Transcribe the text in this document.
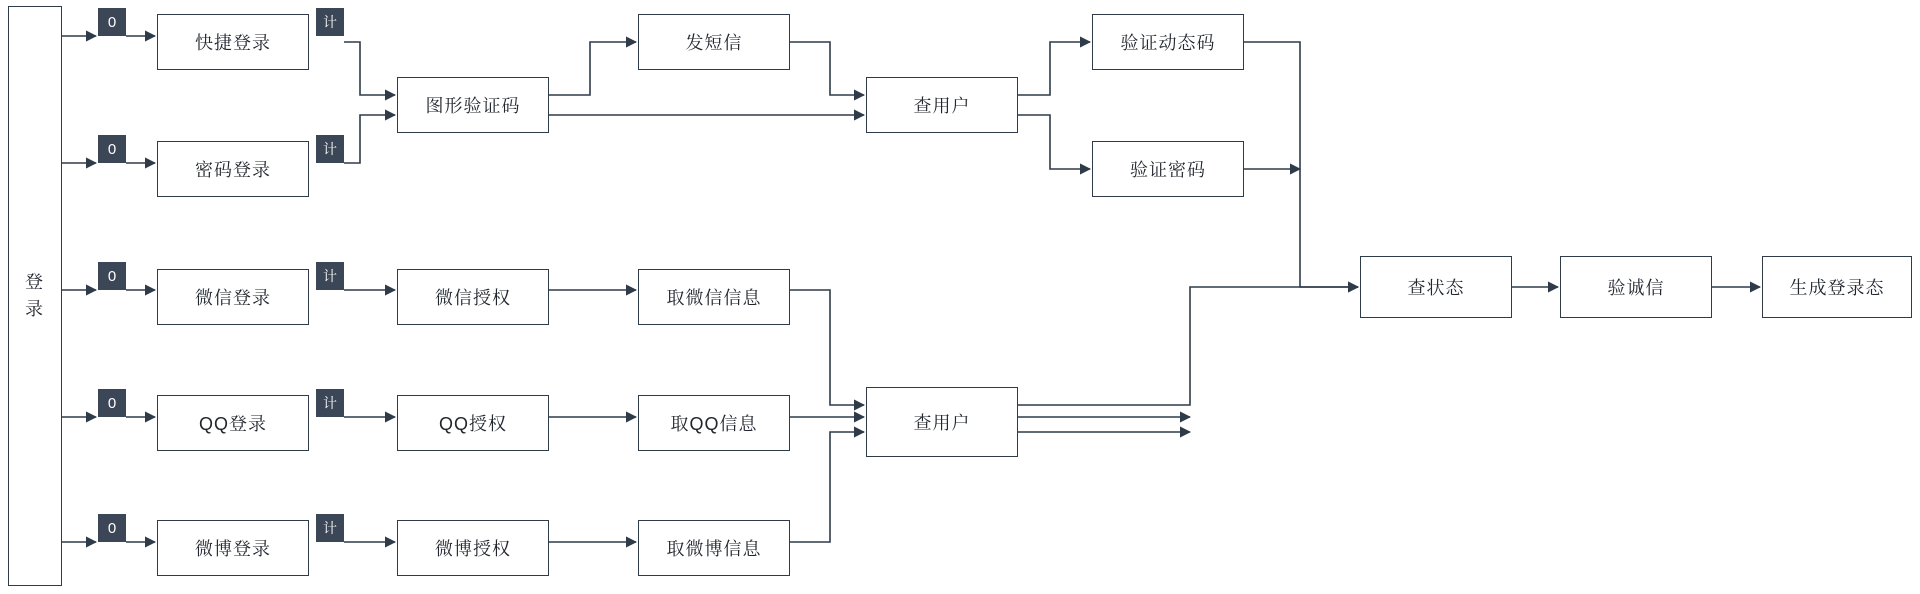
登
录
快捷登录
密码登录
微信登录
QQ登录
微博登录
图形验证码
发短信
查用户
验证动态码
验证密码
微信授权	取微信信息
QQ授权	取QQ信息
微博授权	取微博信息
查用户
查状态	验诚信	生成登录态
0	计
0	计
0	计
0	计
0	计
